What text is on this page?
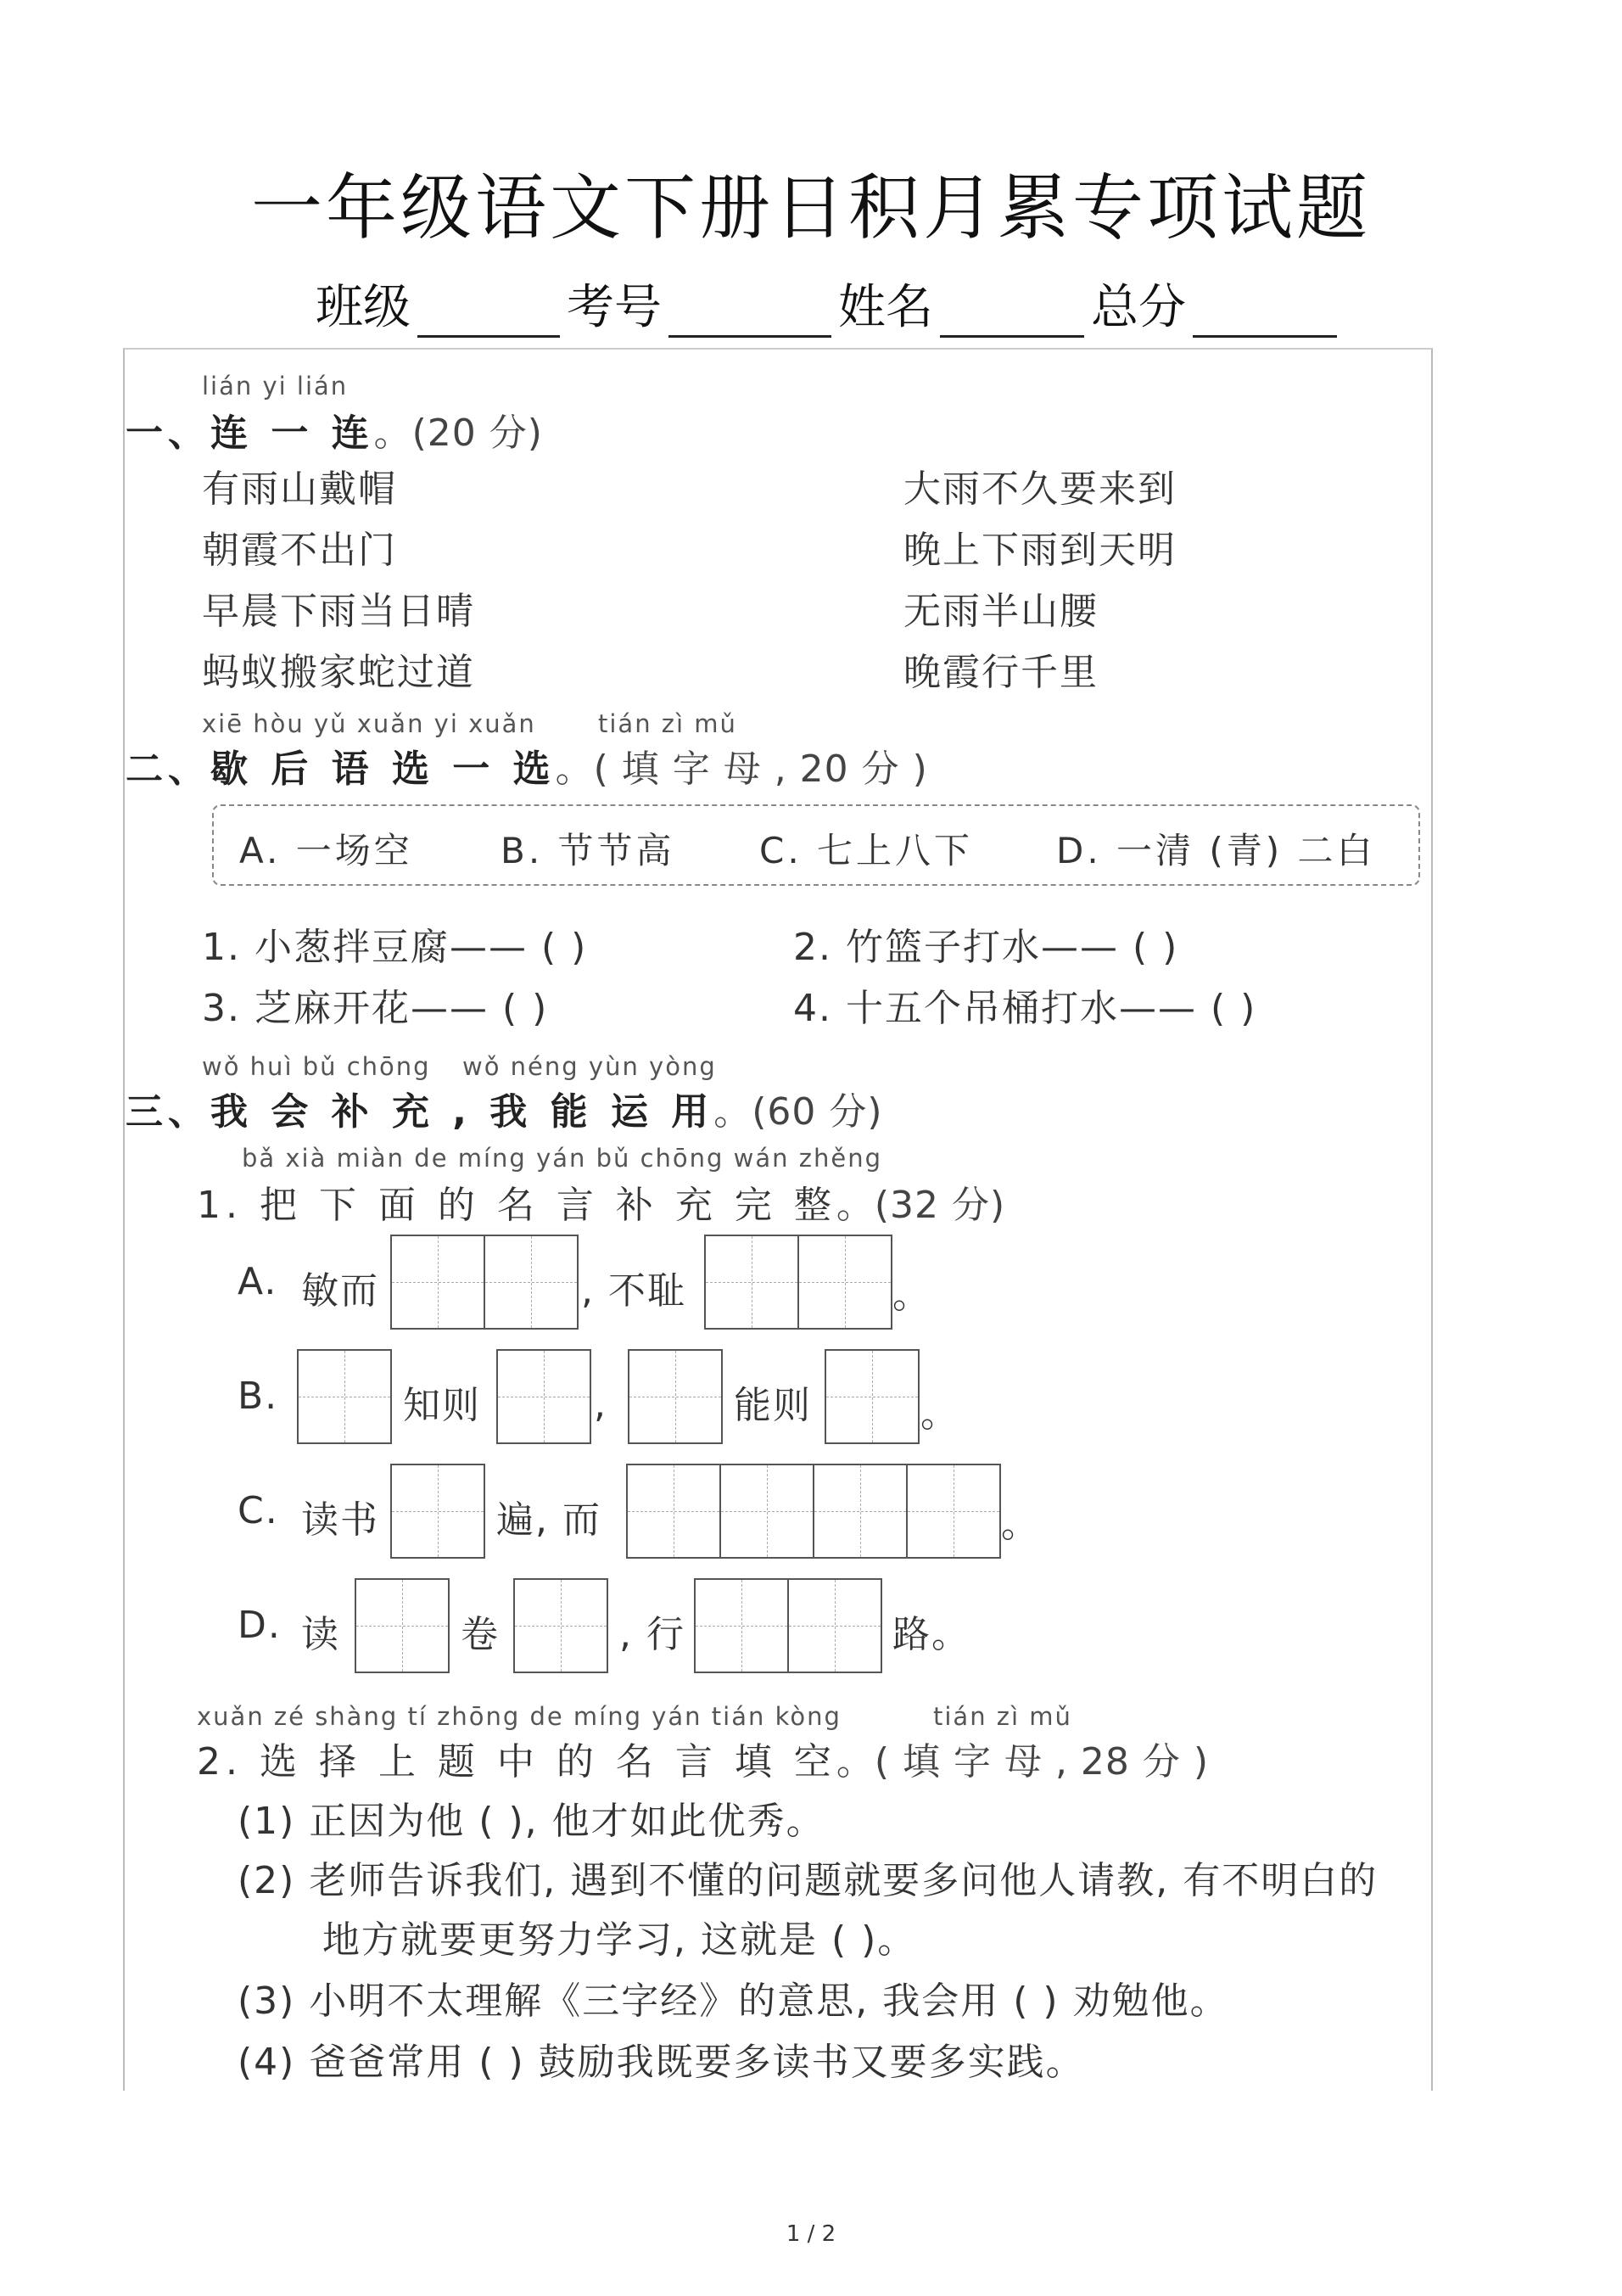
一年级语文下册日积月累专项试题
班级	考号	姓名	总分
lián yi lián
一、连 一 连。(20 分)
有雨山戴帽
朝霞不出门
早晨下雨当日晴
蚂蚁搬家蛇过道
大雨不久要来到
晚上下雨到天明
无雨半山腰
晚霞行千里
xiē hòu yǔ xuǎn yi xuǎn	tián zì mǔ
二、歇 后 语 选 一 选。( 填 字 母 , 20 分 )
A. 一场空 B. 节节高 C. 七上八下 D. 一清 (青) 二白
1. 小葱拌豆腐—— ( )	2. 竹篮子打水—— ( )
3. 芝麻开花—— ( )	4. 十五个吊桶打水—— ( )
wǒ huì bǔ chōng wǒ néng yùn yòng
三、我 会 补 充 , 我 能 运 用。(60 分)
bǎ xià miàn de míng yán bǔ chōng wán zhěng
1. 把 下 面 的 名 言 补 充 完 整。(32 分)
A. 敏而	, 不耻	。
B.	知则	,	能则	。
C. 读书	遍, 而	。
D. 读	卷	, 行	路。
xuǎn zé shàng tí zhōng de míng yán tián kòng	tián zì mǔ
2. 选 择 上 题 中 的 名 言 填 空。( 填 字 母 , 28 分 )
(1) 正因为他 ( ), 他才如此优秀。
(2) 老师告诉我们, 遇到不懂的问题就要多问他人请教, 有不明白的
地方就要更努力学习, 这就是 ( )。
(3) 小明不太理解《三字经》的意思, 我会用 ( ) 劝勉他。
(4) 爸爸常用 ( ) 鼓励我既要多读书又要多实践。
1 / 2
